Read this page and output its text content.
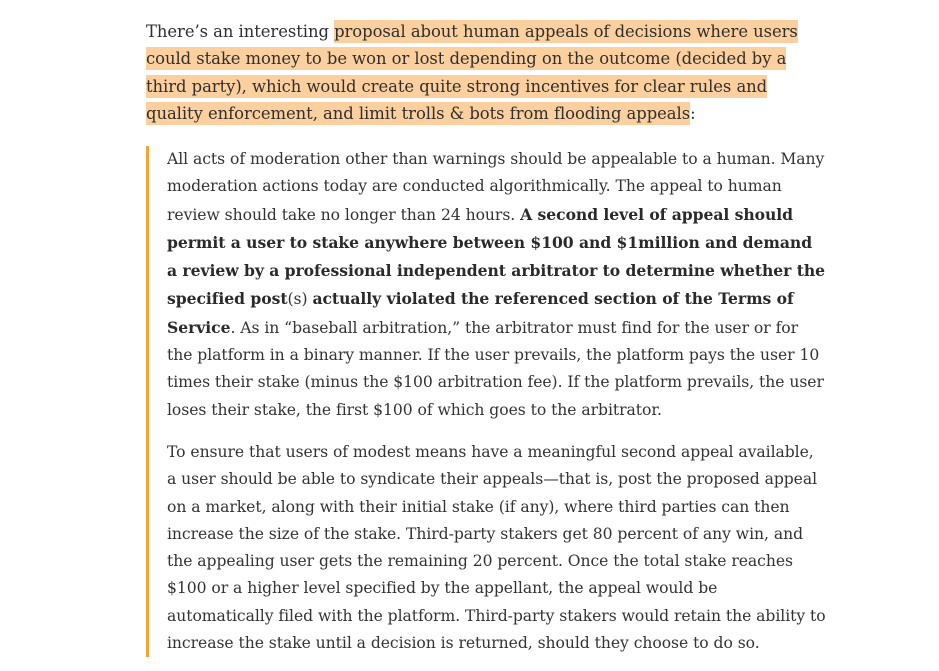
There’s an interesting proposal about human appeals of decisions where users could stake money to be won or lost depending on the outcome (decided by a third party), which would create quite strong incentives for clear rules and quality enforcement, and limit trolls & bots from flooding appeals:

All acts of moderation other than warnings should be appealable to a human. Many moderation actions today are conducted algorithmically. The appeal to human review should take no longer than 24 hours. A second level of appeal should permit a user to stake anywhere between $100 and $1million and demand a review by a professional independent arbitrator to determine whether the specified post(s) actually violated the referenced section of the Terms of Service. As in “baseball arbitration,” the arbitrator must find for the user or for the platform in a binary manner. If the user prevails, the platform pays the user 10 times their stake (minus the $100 arbitration fee). If the platform prevails, the user loses their stake, the first $100 of which goes to the arbitrator.

To ensure that users of modest means have a meaningful second appeal available, a user should be able to syndicate their appeals—that is, post the proposed appeal on a market, along with their initial stake (if any), where third parties can then increase the size of the stake. Third-party stakers get 80 percent of any win, and the appealing user gets the remaining 20 percent. Once the total stake reaches $100 or a higher level specified by the appellant, the appeal would be automatically filed with the platform. Third-party stakers would retain the ability to increase the stake until a decision is returned, should they choose to do so.
